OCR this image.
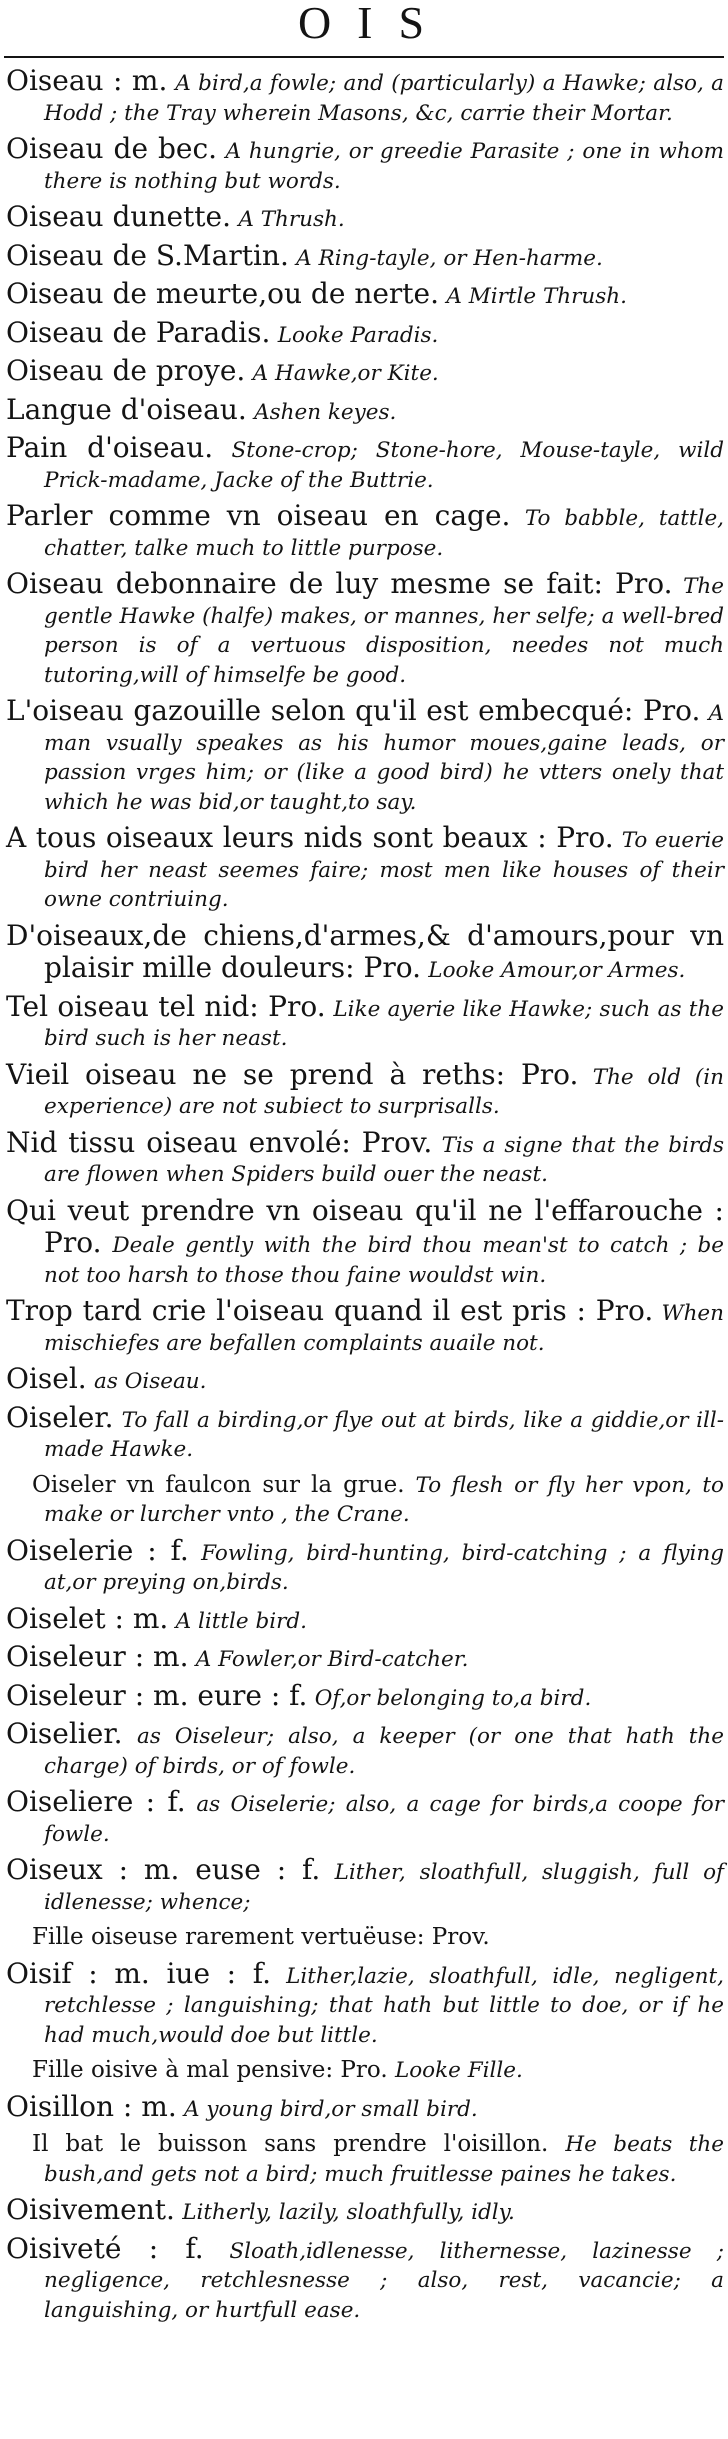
OIS
Oiseau : m. A bird,a fowle; and (particularly) a Hawke; also, a Hodd ; the Tray wherein Masons, &c, carrie their Mortar.
Oiseau de bec. A hungrie, or greedie Parasite ; one in whom there is nothing but words.
Oiseau dunette. A Thrush.
Oiseau de S.Martin. A Ring-tayle, or Hen-harme.
Oiseau de meurte,ou de nerte. A Mirtle Thrush.
Oiseau de Paradis. Looke Paradis.
Oiseau de proye. A Hawke,or Kite.
Langue d'oiseau. Ashen keyes.
Pain d'oiseau. Stone-crop; Stone-hore, Mouse-tayle, wild Prick-madame, Jacke of the Buttrie.
Parler comme vn oiseau en cage. To babble, tattle, chatter, talke much to little purpose.
Oiseau debonnaire de luy mesme se fait: Pro. The gentle Hawke (halfe) makes, or mannes, her selfe; a well-bred person is of a vertuous disposition, needes not much tutoring,will of himselfe be good.
L'oiseau gazouille selon qu'il est embecqué: Pro. A man vsually speakes as his humor moues,gaine leads, or passion vrges him; or (like a good bird) he vtters onely that which he was bid,or taught,to say.
A tous oiseaux leurs nids sont beaux : Pro. To euerie bird her neast seemes faire; most men like houses of their owne contriuing.
D'oiseaux,de chiens,d'armes,& d'amours,pour vn plaisir mille douleurs: Pro. Looke Amour,or Armes.
Tel oiseau tel nid: Pro. Like ayerie like Hawke; such as the bird such is her neast.
Vieil oiseau ne se prend à reths: Pro. The old (in experience) are not subiect to surprisalls.
Nid tissu oiseau envolé: Prov. Tis a signe that the birds are flowen when Spiders build ouer the neast.
Qui veut prendre vn oiseau qu'il ne l'effarouche : Pro. Deale gently with the bird thou mean'st to catch ; be not too harsh to those thou faine wouldst win.
Trop tard crie l'oiseau quand il est pris : Pro. When mischiefes are befallen complaints auaile not.
Oisel. as Oiseau.
Oiseler. To fall a birding,or flye out at birds, like a giddie,or ill-made Hawke.
Oiseler vn faulcon sur la grue. To flesh or fly her vpon, to make or lurcher vnto , the Crane.
Oiselerie : f. Fowling, bird-hunting, bird-catching ; a flying at,or preying on,birds.
Oiselet : m. A little bird.
Oiseleur : m. A Fowler,or Bird-catcher.
Oiseleur : m. eure : f. Of,or belonging to,a bird.
Oiselier. as Oiseleur; also, a keeper (or one that hath the charge) of birds, or of fowle.
Oiseliere : f. as Oiselerie; also, a cage for birds,a coope for fowle.
Oiseux : m. euse : f. Lither, sloathfull, sluggish, full of idlenesse; whence;
Fille oiseuse rarement vertuëuse: Prov.
Oisif : m. iue : f. Lither,lazie, sloathfull, idle, negligent, retchlesse ; languishing; that hath but little to doe, or if he had much,would doe but little.
Fille oisive à mal pensive: Pro. Looke Fille.
Oisillon : m. A young bird,or small bird.
Il bat le buisson sans prendre l'oisillon. He beats the bush,and gets not a bird; much fruitlesse paines he takes.
Oisivement. Litherly, lazily, sloathfully, idly.
Oisiveté : f. Sloath,idlenesse, lithernesse, lazinesse ; negligence, retchlesnesse ; also, rest, vacancie; a languishing, or hurtfull ease.
